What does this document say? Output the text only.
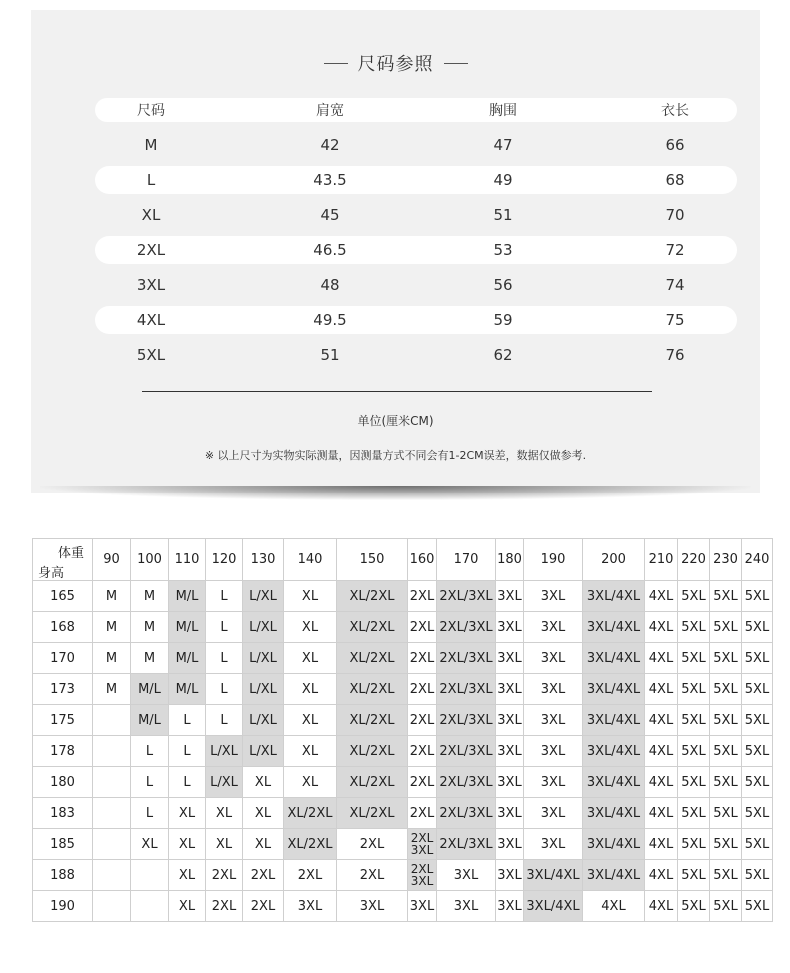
尺码参照
尺码	肩宽	胸围	衣长
M	42	47	66
L	43.5	49	68
XL	45	51	70
2XL	46.5	53	72
3XL	48	56	74
4XL	49.5	59	75
5XL	51	62	76
单位(厘米CM)
※ 以上尺寸为实物实际测量，因测量方式不同会有1-2CM误差，数据仅做参考.
体重
身高	90	100	110	120	130	140	150	160	170	180	190	200	210	220	230	240
165	M	M	M/L	L	L/XL	XL	XL/2XL	2XL	2XL/3XL	3XL	3XL	3XL/4XL	4XL	5XL	5XL	5XL
168	M	M	M/L	L	L/XL	XL	XL/2XL	2XL	2XL/3XL	3XL	3XL	3XL/4XL	4XL	5XL	5XL	5XL
170	M	M	M/L	L	L/XL	XL	XL/2XL	2XL	2XL/3XL	3XL	3XL	3XL/4XL	4XL	5XL	5XL	5XL
173	M	M/L	M/L	L	L/XL	XL	XL/2XL	2XL	2XL/3XL	3XL	3XL	3XL/4XL	4XL	5XL	5XL	5XL
175		M/L	L	L	L/XL	XL	XL/2XL	2XL	2XL/3XL	3XL	3XL	3XL/4XL	4XL	5XL	5XL	5XL
178		L	L	L/XL	L/XL	XL	XL/2XL	2XL	2XL/3XL	3XL	3XL	3XL/4XL	4XL	5XL	5XL	5XL
180		L	L	L/XL	XL	XL	XL/2XL	2XL	2XL/3XL	3XL	3XL	3XL/4XL	4XL	5XL	5XL	5XL
183		L	XL	XL	XL	XL/2XL	XL/2XL	2XL	2XL/3XL	3XL	3XL	3XL/4XL	4XL	5XL	5XL	5XL
185		XL	XL	XL	XL	XL/2XL	2XL	2XL 3XL	2XL/3XL	3XL	3XL	3XL/4XL	4XL	5XL	5XL	5XL
188			XL	2XL	2XL	2XL	2XL	2XL 3XL	3XL	3XL	3XL/4XL	3XL/4XL	4XL	5XL	5XL	5XL
190			XL	2XL	2XL	3XL	3XL	3XL	3XL	3XL	3XL/4XL	4XL	4XL	5XL	5XL	5XL
